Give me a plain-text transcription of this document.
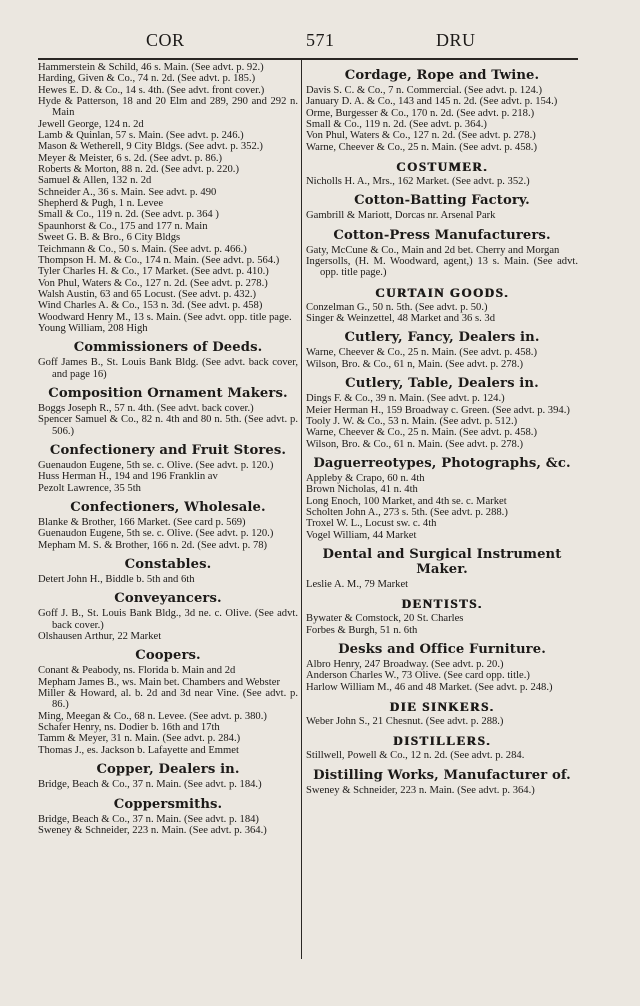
COR	571	DRU
Hammerstein & Schild, 46 s. Main. (See advt. p. 92.)
Harding, Given & Co., 74 n. 2d. (See advt. p. 185.)
Hewes E. D. & Co., 14 s. 4th. (See advt. front cover.)
Hyde & Patterson, 18 and 20 Elm and 289, 290 and 292 n. Main
Jewell George, 124 n. 2d
Lamb & Quinlan, 57 s. Main. (See advt. p. 246.)
Mason & Wetherell, 9 City Bldgs. (See advt. p. 352.)
Meyer & Meister, 6 s. 2d. (See advt. p. 86.)
Roberts & Morton, 88 n. 2d. (See advt. p. 220.)
Samuel & Allen, 132 n. 2d
Schneider A., 36 s. Main. See advt. p. 490
Shepherd & Pugh, 1 n. Levee
Small & Co., 119 n. 2d. (See advt. p. 364 )
Spaunhorst & Co., 175 and 177 n. Main
Sweet G. B. & Bro., 6 City Bldgs
Teichmann & Co., 50 s. Main. (See advt. p. 466.)
Thompson H. M. & Co., 174 n. Main. (See advt. p. 564.)
Tyler Charles H. & Co., 17 Market. (See advt. p. 410.)
Von Phul, Waters & Co., 127 n. 2d. (See advt. p. 278.)
Walsh Austin, 63 and 65 Locust. (See advt. p. 432.)
Wind Charles A. & Co., 153 n. 3d. (See advt. p. 458)
Woodward Henry M., 13 s. Main. (See advt. opp. title page.
Young William, 208 High
Commissioners of Deeds.
Goff James B., St. Louis Bank Bldg. (See advt. back cover, and page 16)
Composition Ornament Makers.
Boggs Joseph R., 57 n. 4th. (See advt. back cover.)
Spencer Samuel & Co., 82 n. 4th and 80 n. 5th. (See advt. p. 506.)
Confectionery and Fruit Stores.
Guenaudon Eugene, 5th se. c. Olive. (See advt. p. 120.)
Huss Herman H., 194 and 196 Franklin av
Pezolt Lawrence, 35 5th
Confectioners, Wholesale.
Blanke & Brother, 166 Market. (See card p. 569)
Guenaudon Eugene, 5th se. c. Olive. (See advt. p. 120.)
Mepham M. S. & Brother, 166 n. 2d. (See advt. p. 78)
Constables.
Detert John H., Biddle b. 5th and 6th
Conveyancers.
Goff J. B., St. Louis Bank Bldg., 3d ne. c. Olive. (See advt. back cover.)
Olshausen Arthur, 22 Market
Coopers.
Conant & Peabody, ns. Florida b. Main and 2d
Mepham James B., ws. Main bet. Chambers and Webster
Miller & Howard, al. b. 2d and 3d near Vine. (See advt. p. 86.)
Ming, Meegan & Co., 68 n. Levee. (See advt. p. 380.)
Schafer Henry, ns. Dodier b. 16th and 17th
Tamm & Meyer, 31 n. Main. (See advt. p. 284.)
Thomas J., es. Jackson b. Lafayette and Emmet
Copper, Dealers in.
Bridge, Beach & Co., 37 n. Main. (See advt. p. 184.)
Coppersmiths.
Bridge, Beach & Co., 37 n. Main. (See advt. p. 184)
Sweney & Schneider, 223 n. Main. (See advt. p. 364.)
Cordage, Rope and Twine.
Davis S. C. & Co., 7 n. Commercial. (See advt. p. 124.)
January D. A. & Co., 143 and 145 n. 2d. (See advt. p. 154.)
Orme, Burgesser & Co., 170 n. 2d. (See advt. p. 218.)
Small & Co., 119 n. 2d. (See advt. p. 364.)
Von Phul, Waters & Co., 127 n. 2d. (See advt. p. 278.)
Warne, Cheever & Co., 25 n. Main. (See advt. p. 458.)
COSTUMER.
Nicholls H. A., Mrs., 162 Market. (See advt. p. 352.)
Cotton-Batting Factory.
Gambrill & Mariott, Dorcas nr. Arsenal Park
Cotton-Press Manufacturers.
Gaty, McCune & Co., Main and 2d bet. Cherry and Morgan
Ingersolls, (H. M. Woodward, agent,) 13 s. Main. (See advt. opp. title page.)
CURTAIN GOODS.
Conzelman G., 50 n. 5th. (See advt. p. 50.)
Singer & Weinzettel, 48 Market and 36 s. 3d
Cutlery, Fancy, Dealers in.
Warne, Cheever & Co., 25 n. Main. (See advt. p. 458.)
Wilson, Bro. & Co., 61 n, Main. (See advt. p. 278.)
Cutlery, Table, Dealers in.
Dings F. & Co., 39 n. Main. (See advt. p. 124.)
Meier Herman H., 159 Broadway c. Green. (See advt. p. 394.)
Tooly J. W. & Co., 53 n. Main. (See advt. p. 512.)
Warne, Cheever & Co., 25 n. Main. (See advt. p. 458.)
Wilson, Bro. & Co., 61 n. Main. (See advt. p. 278.)
Daguerreotypes, Photographs, &c.
Appleby & Crapo, 60 n. 4th
Brown Nicholas, 41 n. 4th
Long Enoch, 100 Market, and 4th se. c. Market
Scholten John A., 273 s. 5th. (See advt. p. 288.)
Troxel W. L., Locust sw. c. 4th
Vogel William, 44 Market
Dental and Surgical Instrument Maker.
Leslie A. M., 79 Market
DENTISTS.
Bywater & Comstock, 20 St. Charles
Forbes & Burgh, 51 n. 6th
Desks and Office Furniture.
Albro Henry, 247 Broadway. (See advt. p. 20.)
Anderson Charles W., 73 Olive. (See card opp. title.)
Harlow William M., 46 and 48 Market. (See advt. p. 248.)
DIE SINKERS.
Weber John S., 21 Chesnut. (See advt. p. 288.)
DISTILLERS.
Stillwell, Powell & Co., 12 n. 2d. (See advt. p. 284.
Distilling Works, Manufacturer of.
Sweney & Schneider, 223 n. Main. (See advt. p. 364.)
